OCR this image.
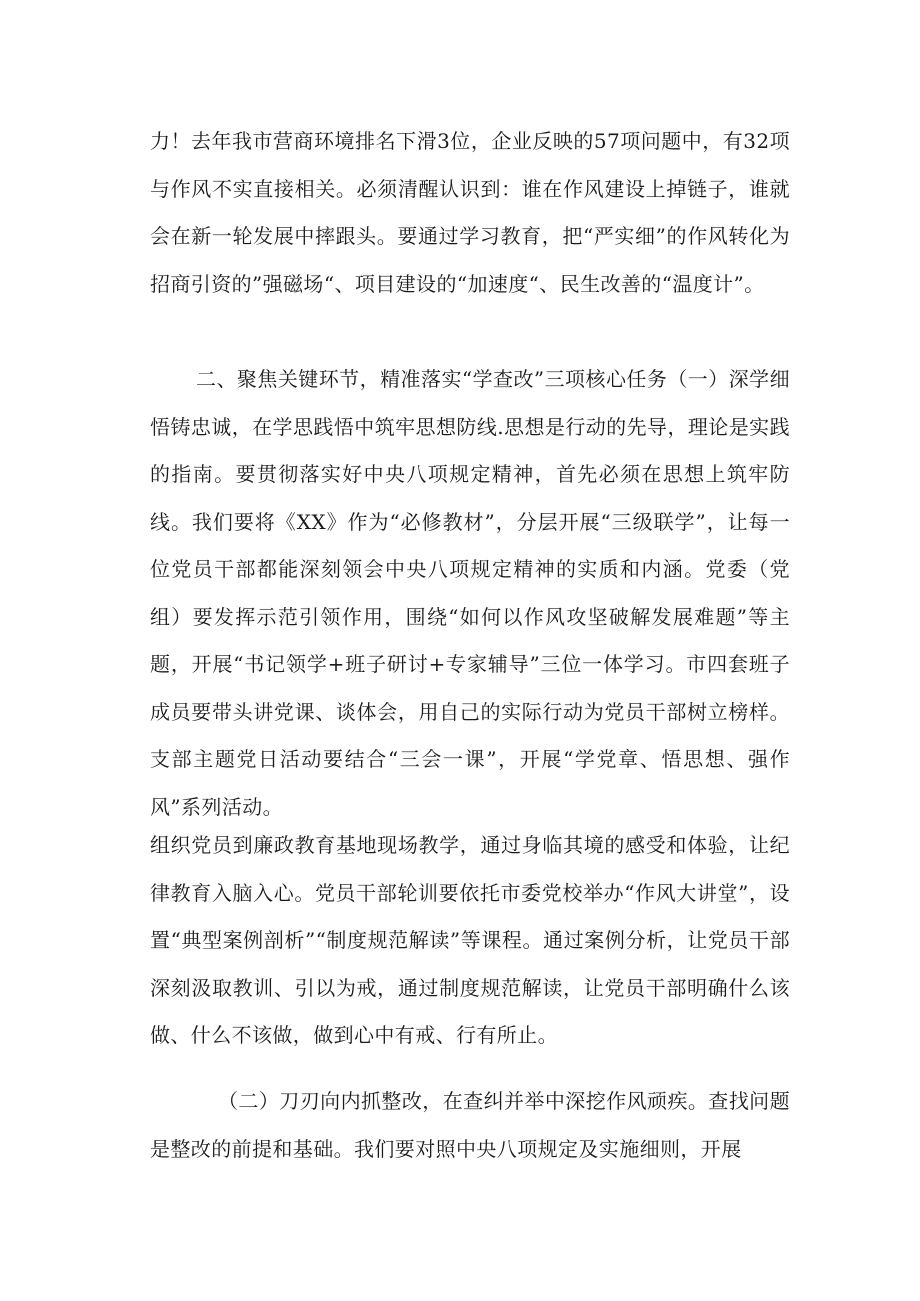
力！去年我市营商环境排名下滑3位，企业反映的57项问题中，有32项与作风不实直接相关。必须清醒认识到：谁在作风建设上掉链子，谁就会在新一轮发展中摔跟头。要通过学习教育，把“严实细”的作风转化为招商引资的”强磁场“、项目建设的“加速度“、民生改善的“温度计”。

二、聚焦关键环节，精准落实“学查改”三项核心任务（一）深学细悟铸忠诚，在学思践悟中筑牢思想防线.思想是行动的先导，理论是实践的指南。要贯彻落实好中央八项规定精神，首先必须在思想上筑牢防线。我们要将《XX》作为“必修教材”，分层开展“三级联学”，让每一位党员干部都能深刻领会中央八项规定精神的实质和内涵。党委（党组）要发挥示范引领作用，围绕“如何以作风攻坚破解发展难题”等主题，开展“书记领学+班子研讨+专家辅导”三位一体学习。市四套班子成员要带头讲党课、谈体会，用自己的实际行动为党员干部树立榜样。支部主题党日活动要结合“三会一课”，开展“学党章、悟思想、强作风”系列活动。

组织党员到廉政教育基地现场教学，通过身临其境的感受和体验，让纪律教育入脑入心。党员干部轮训要依托市委党校举办“作风大讲堂”，设置“典型案例剖析”“制度规范解读”等课程。通过案例分析，让党员干部深刻汲取教训、引以为戒，通过制度规范解读，让党员干部明确什么该做、什么不该做，做到心中有戒、行有所止。

（二）刀刃向内抓整改，在查纠并举中深挖作风顽疾。查找问题是整改的前提和基础。我们要对照中央八项规定及实施细则，开展
